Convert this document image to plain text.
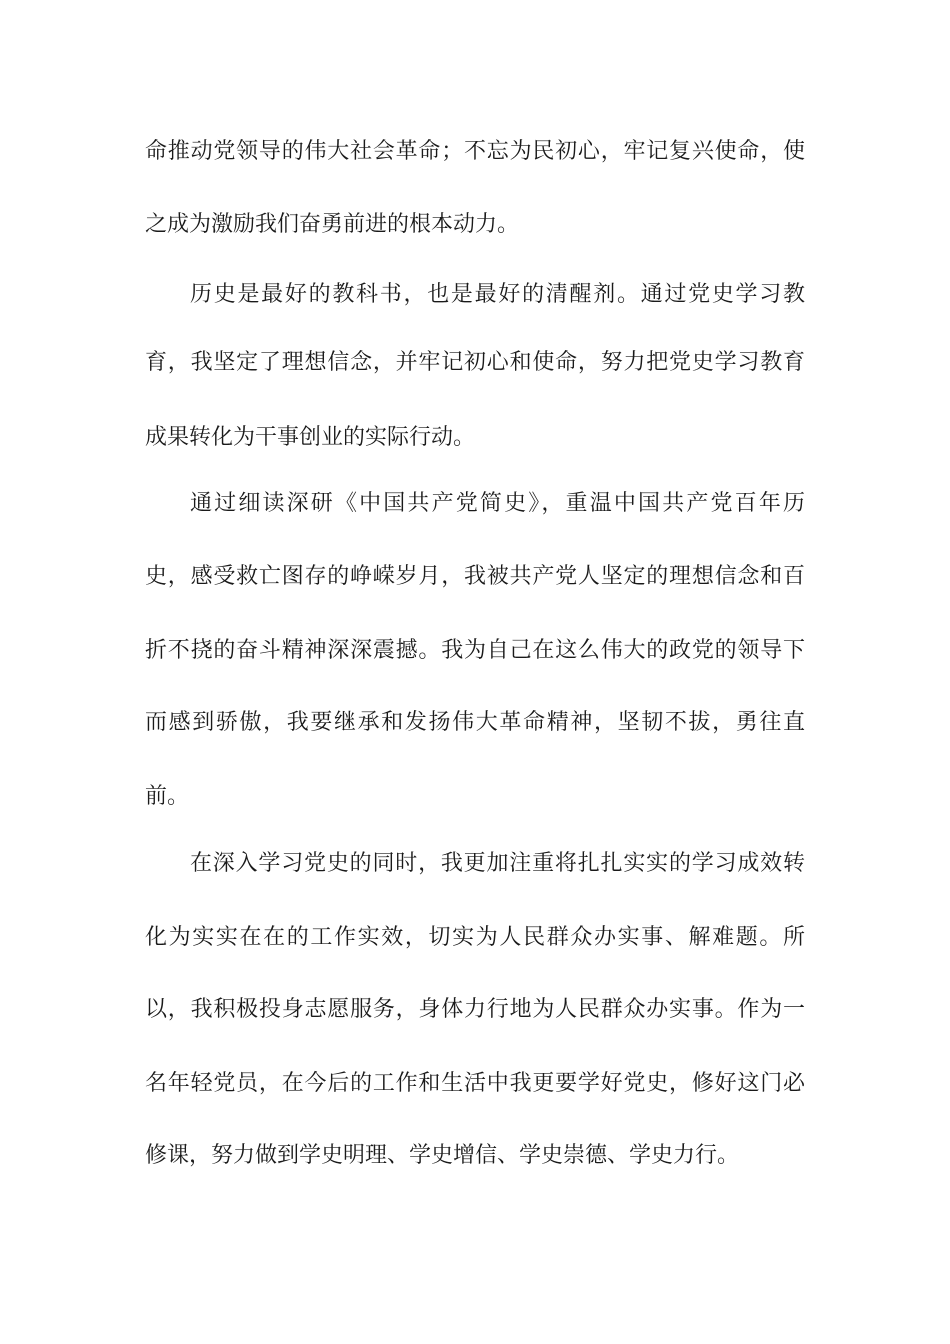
命推动党领导的伟大社会革命；不忘为民初心，牢记复兴使命，使
之成为激励我们奋勇前进的根本动力。
历史是最好的教科书，也是最好的清醒剂。通过党史学习教
育，我坚定了理想信念，并牢记初心和使命，努力把党史学习教育
成果转化为干事创业的实际行动。
通过细读深研《中国共产党简史》，重温中国共产党百年历
史，感受救亡图存的峥嵘岁月，我被共产党人坚定的理想信念和百
折不挠的奋斗精神深深震撼。我为自己在这么伟大的政党的领导下
而感到骄傲，我要继承和发扬伟大革命精神，坚韧不拔，勇往直
前。
在深入学习党史的同时，我更加注重将扎扎实实的学习成效转
化为实实在在的工作实效，切实为人民群众办实事、解难题。所
以，我积极投身志愿服务，身体力行地为人民群众办实事。作为一
名年轻党员，在今后的工作和生活中我更要学好党史，修好这门必
修课，努力做到学史明理、学史增信、学史崇德、学史力行。
